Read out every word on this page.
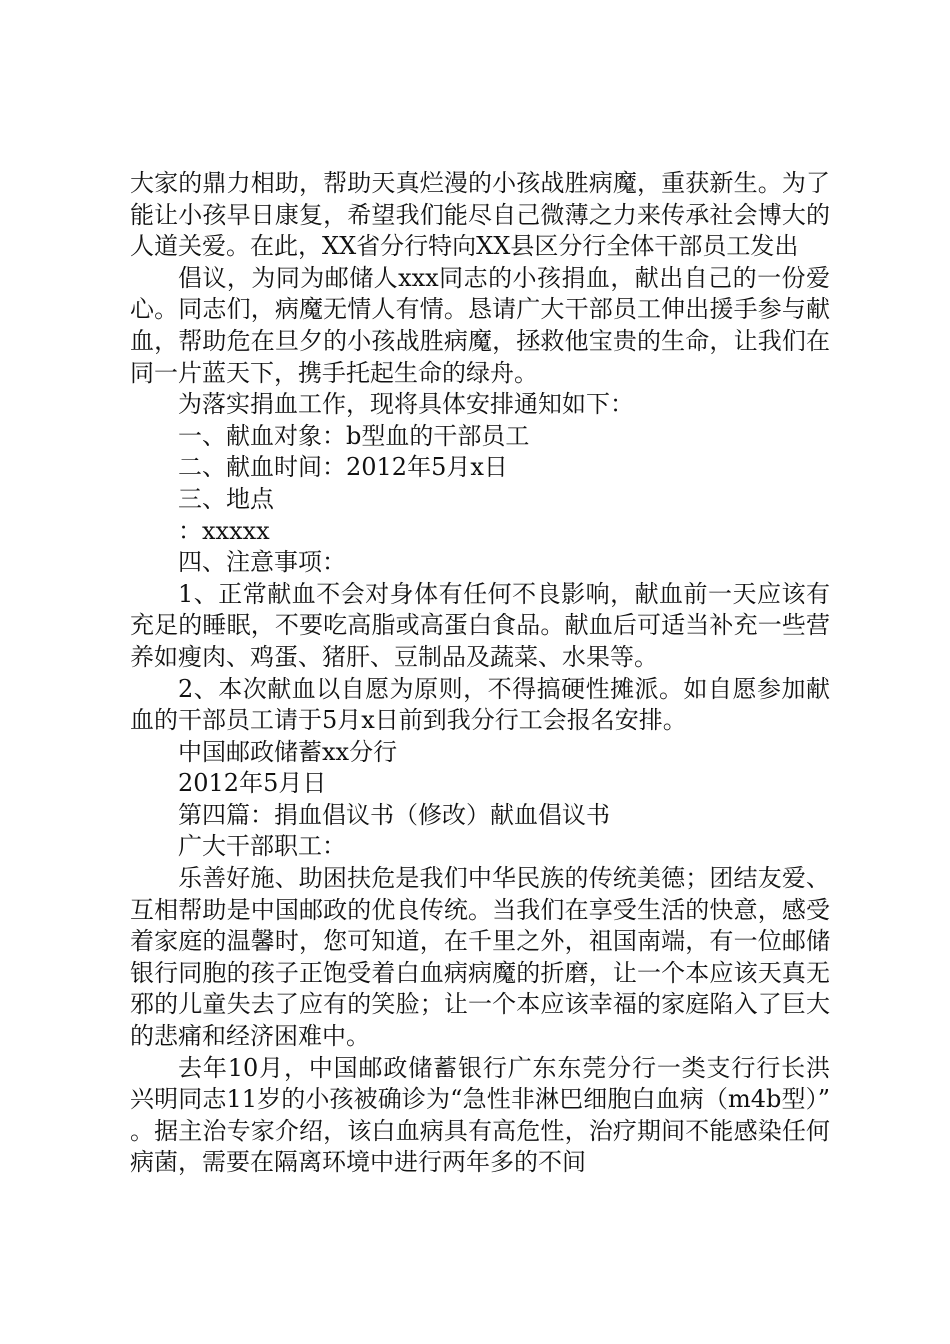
大家的鼎力相助，帮助天真烂漫的小孩战胜病魔，重获新生。为了能让小孩早日康复，希望我们能尽自己微薄之力来传承社会博大的人道关爱。在此，XX省分行特向XX县区分行全体干部员工发出

倡议，为同为邮储人xxx同志的小孩捐血，献出自己的一份爱心。同志们，病魔无情人有情。恳请广大干部员工伸出援手参与献血，帮助危在旦夕的小孩战胜病魔，拯救他宝贵的生命，让我们在同一片蓝天下，携手托起生命的绿舟。

为落实捐血工作，现将具体安排通知如下：

一、献血对象：b型血的干部员工

二、献血时间：2012年5月x日

三、地点

：xxxxx

四、注意事项：

1、正常献血不会对身体有任何不良影响，献血前一天应该有充足的睡眠，不要吃高脂或高蛋白食品。献血后可适当补充一些营养如瘦肉、鸡蛋、猪肝、豆制品及蔬菜、水果等。

2、本次献血以自愿为原则，不得搞硬性摊派。如自愿参加献血的干部员工请于5月x日前到我分行工会报名安排。

中国邮政储蓄xx分行

2012年5月日

第四篇：捐血倡议书（修改）献血倡议书

广大干部职工：

乐善好施、助困扶危是我们中华民族的传统美德；团结友爱、互相帮助是中国邮政的优良传统。当我们在享受生活的快意，感受着家庭的温馨时，您可知道，在千里之外，祖国南端，有一位邮储银行同胞的孩子正饱受着白血病病魔的折磨，让一个本应该天真无邪的儿童失去了应有的笑脸；让一个本应该幸福的家庭陷入了巨大的悲痛和经济困难中。

去年10月，中国邮政储蓄银行广东东莞分行一类支行行长洪兴明同志11岁的小孩被确诊为“急性非淋巴细胞白血病（m4b型）”。据主治专家介绍，该白血病具有高危性，治疗期间不能感染任何病菌，需要在隔离环境中进行两年多的不间
